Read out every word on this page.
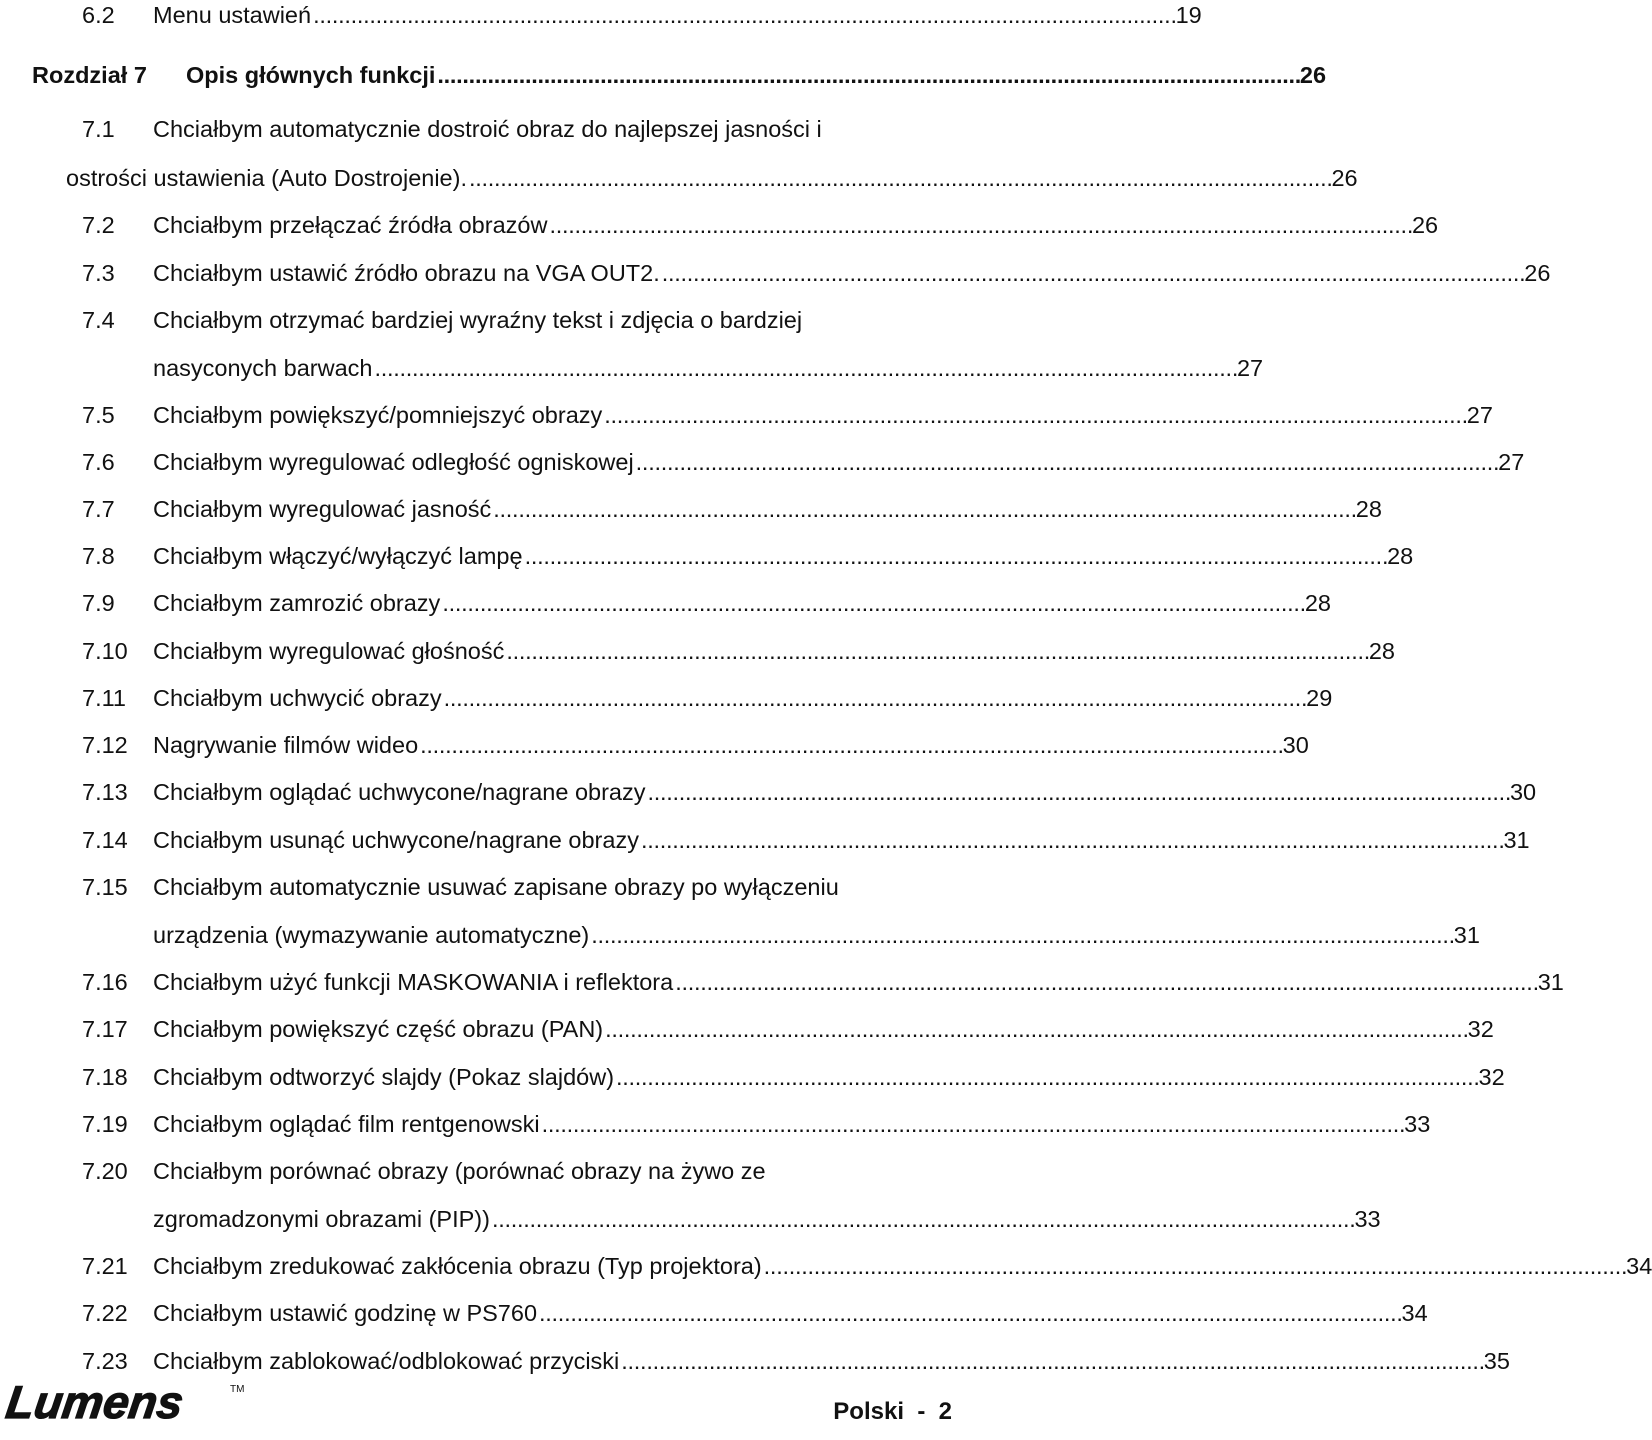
6.2 Menu ustawień . . .	19
Rozdział 7 Opis głównych funkcji . . .	26
7.1 Chciałbym automatycznie dostroić obraz do najlepszej jasności i
ostrości ustawienia (Auto Dostrojenie). . . .	26
7.2 Chciałbym przełączać źródła obrazów . . .	26
7.3 Chciałbym ustawić źródło obrazu na VGA OUT2. . . .	26
7.4 Chciałbym otrzymać bardziej wyraźny tekst i zdjęcia o bardziej
nasyconych barwach . . .	27
7.5 Chciałbym powiększyć/pomniejszyć obrazy . . .	27
7.6 Chciałbym wyregulować odległość ogniskowej . . .	27
7.7 Chciałbym wyregulować jasność . . .	28
7.8 Chciałbym włączyć/wyłączyć lampę . . .	28
7.9 Chciałbym zamrozić obrazy . . .	28
7.10 Chciałbym wyregulować głośność . . .	28
7.11 Chciałbym uchwycić obrazy . . .	29
7.12 Nagrywanie filmów wideo . . .	30
7.13 Chciałbym oglądać uchwycone/nagrane obrazy . . .	30
7.14 Chciałbym usunąć uchwycone/nagrane obrazy . . .	31
7.15 Chciałbym automatycznie usuwać zapisane obrazy po wyłączeniu
urządzenia (wymazywanie automatyczne) . . .	31
7.16 Chciałbym użyć funkcji MASKOWANIA i reflektora . . .	31
7.17 Chciałbym powiększyć część obrazu (PAN) . . .	32
7.18 Chciałbym odtworzyć slajdy (Pokaz slajdów) . . .	32
7.19 Chciałbym oglądać film rentgenowski . . .	33
7.20 Chciałbym porównać obrazy (porównać obrazy na żywo ze
zgromadzonymi obrazami (PIP)) . . .	33
7.21 Chciałbym zredukować zakłócenia obrazu (Typ projektora) . . .	34
7.22 Chciałbym ustawić godzinę w PS760 . . .	34
7.23 Chciałbym zablokować/odblokować przyciski . . .	35
Lumens	TM
Polski  -  2
